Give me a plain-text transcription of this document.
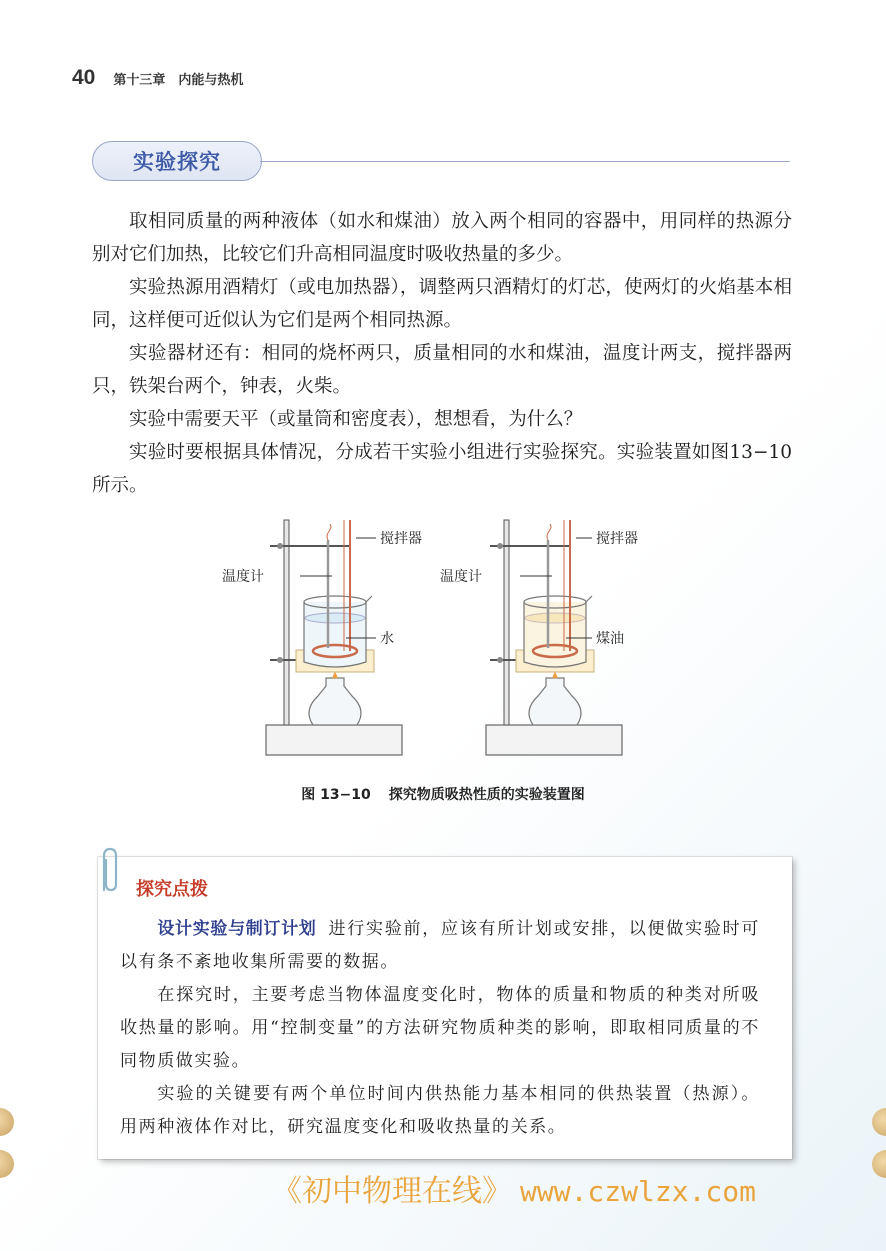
40 第十三章　内能与热机
实验探究

取相同质量的两种液体（如水和煤油）放入两个相同的容器中，用同样的热源分别对它们加热，比较它们升高相同温度时吸收热量的多少。

实验热源用酒精灯（或电加热器），调整两只酒精灯的灯芯，使两灯的火焰基本相同，这样便可近似认为它们是两个相同热源。

实验器材还有：相同的烧杯两只，质量相同的水和煤油，温度计两支，搅拌器两只，铁架台两个，钟表，火柴。

实验中需要天平（或量筒和密度表），想想看，为什么？

实验时要根据具体情况，分成若干实验小组进行实验探究。实验装置如图13−10 所示。

搅拌器
温度计
水
搅拌器
温度计
煤油
图 13−10 探究物质吸热性质的实验装置图
探究点拨

设计实验与制订计划 进行实验前，应该有所计划或安排，以便做实验时可以有条不紊地收集所需要的数据。

在探究时，主要考虑当物体温度变化时，物体的质量和物质的种类对所吸收热量的影响。用“控制变量”的方法研究物质种类的影响，即取相同质量的不同物质做实验。

实验的关键要有两个单位时间内供热能力基本相同的供热装置（热源）。用两种液体作对比，研究温度变化和吸收热量的关系。

《初中物理在线》 www.czwlzx.com
